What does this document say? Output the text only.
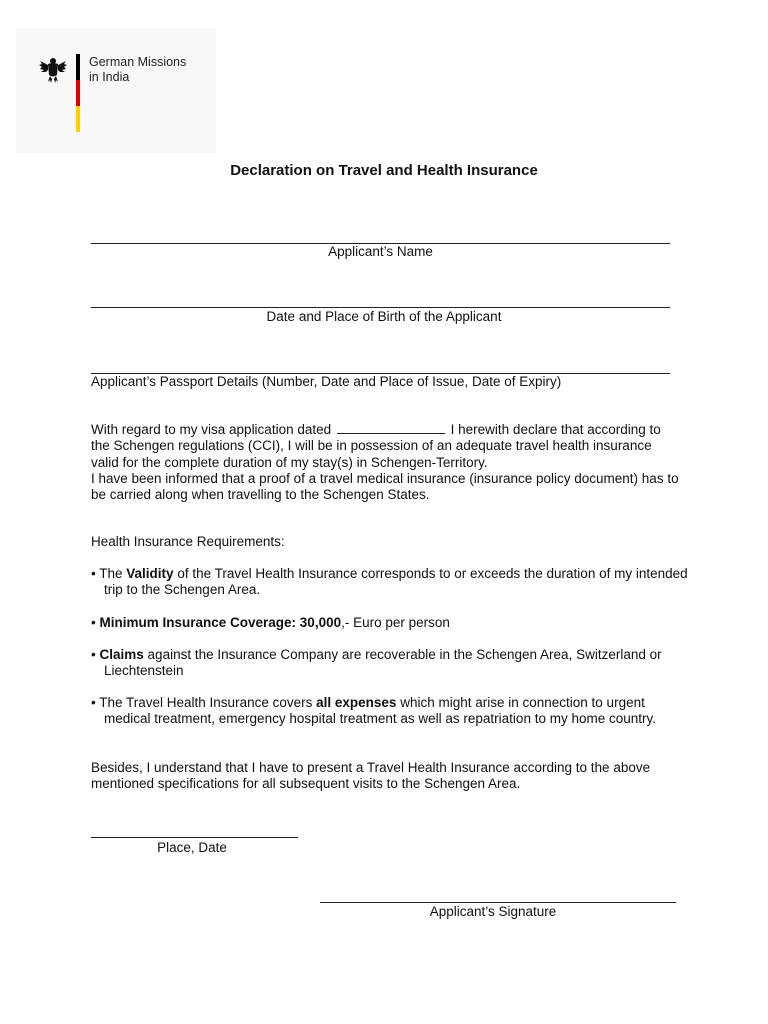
German Missions
in India
Declaration on Travel and Health Insurance
Applicant’s Name
Date and Place of Birth of the Applicant
Applicant’s Passport Details (Number, Date and Place of Issue, Date of Expiry)

With regard to my visa application dated	I herewith declare that according to the Schengen regulations (CCI), I will be in possession of an adequate travel health insurance valid for the complete duration of my stay(s) in Schengen-Territory.

I have been informed that a proof of a travel medical insurance (insurance policy document) has to be carried along when travelling to the Schengen States.

Health Insurance Requirements:
• The Validity of the Travel Health Insurance corresponds to or exceeds the duration of my intended trip to the Schengen Area.
• Minimum Insurance Coverage: 30,000,- Euro per person
• Claims against the Insurance Company are recoverable in the Schengen Area, Switzerland or Liechtenstein
• The Travel Health Insurance covers all expenses which might arise in connection to urgent medical treatment, emergency hospital treatment as well as repatriation to my home country.
Besides, I understand that I have to present a Travel Health Insurance according to the above mentioned specifications for all subsequent visits to the Schengen Area.
Place, Date
Applicant’s Signature
